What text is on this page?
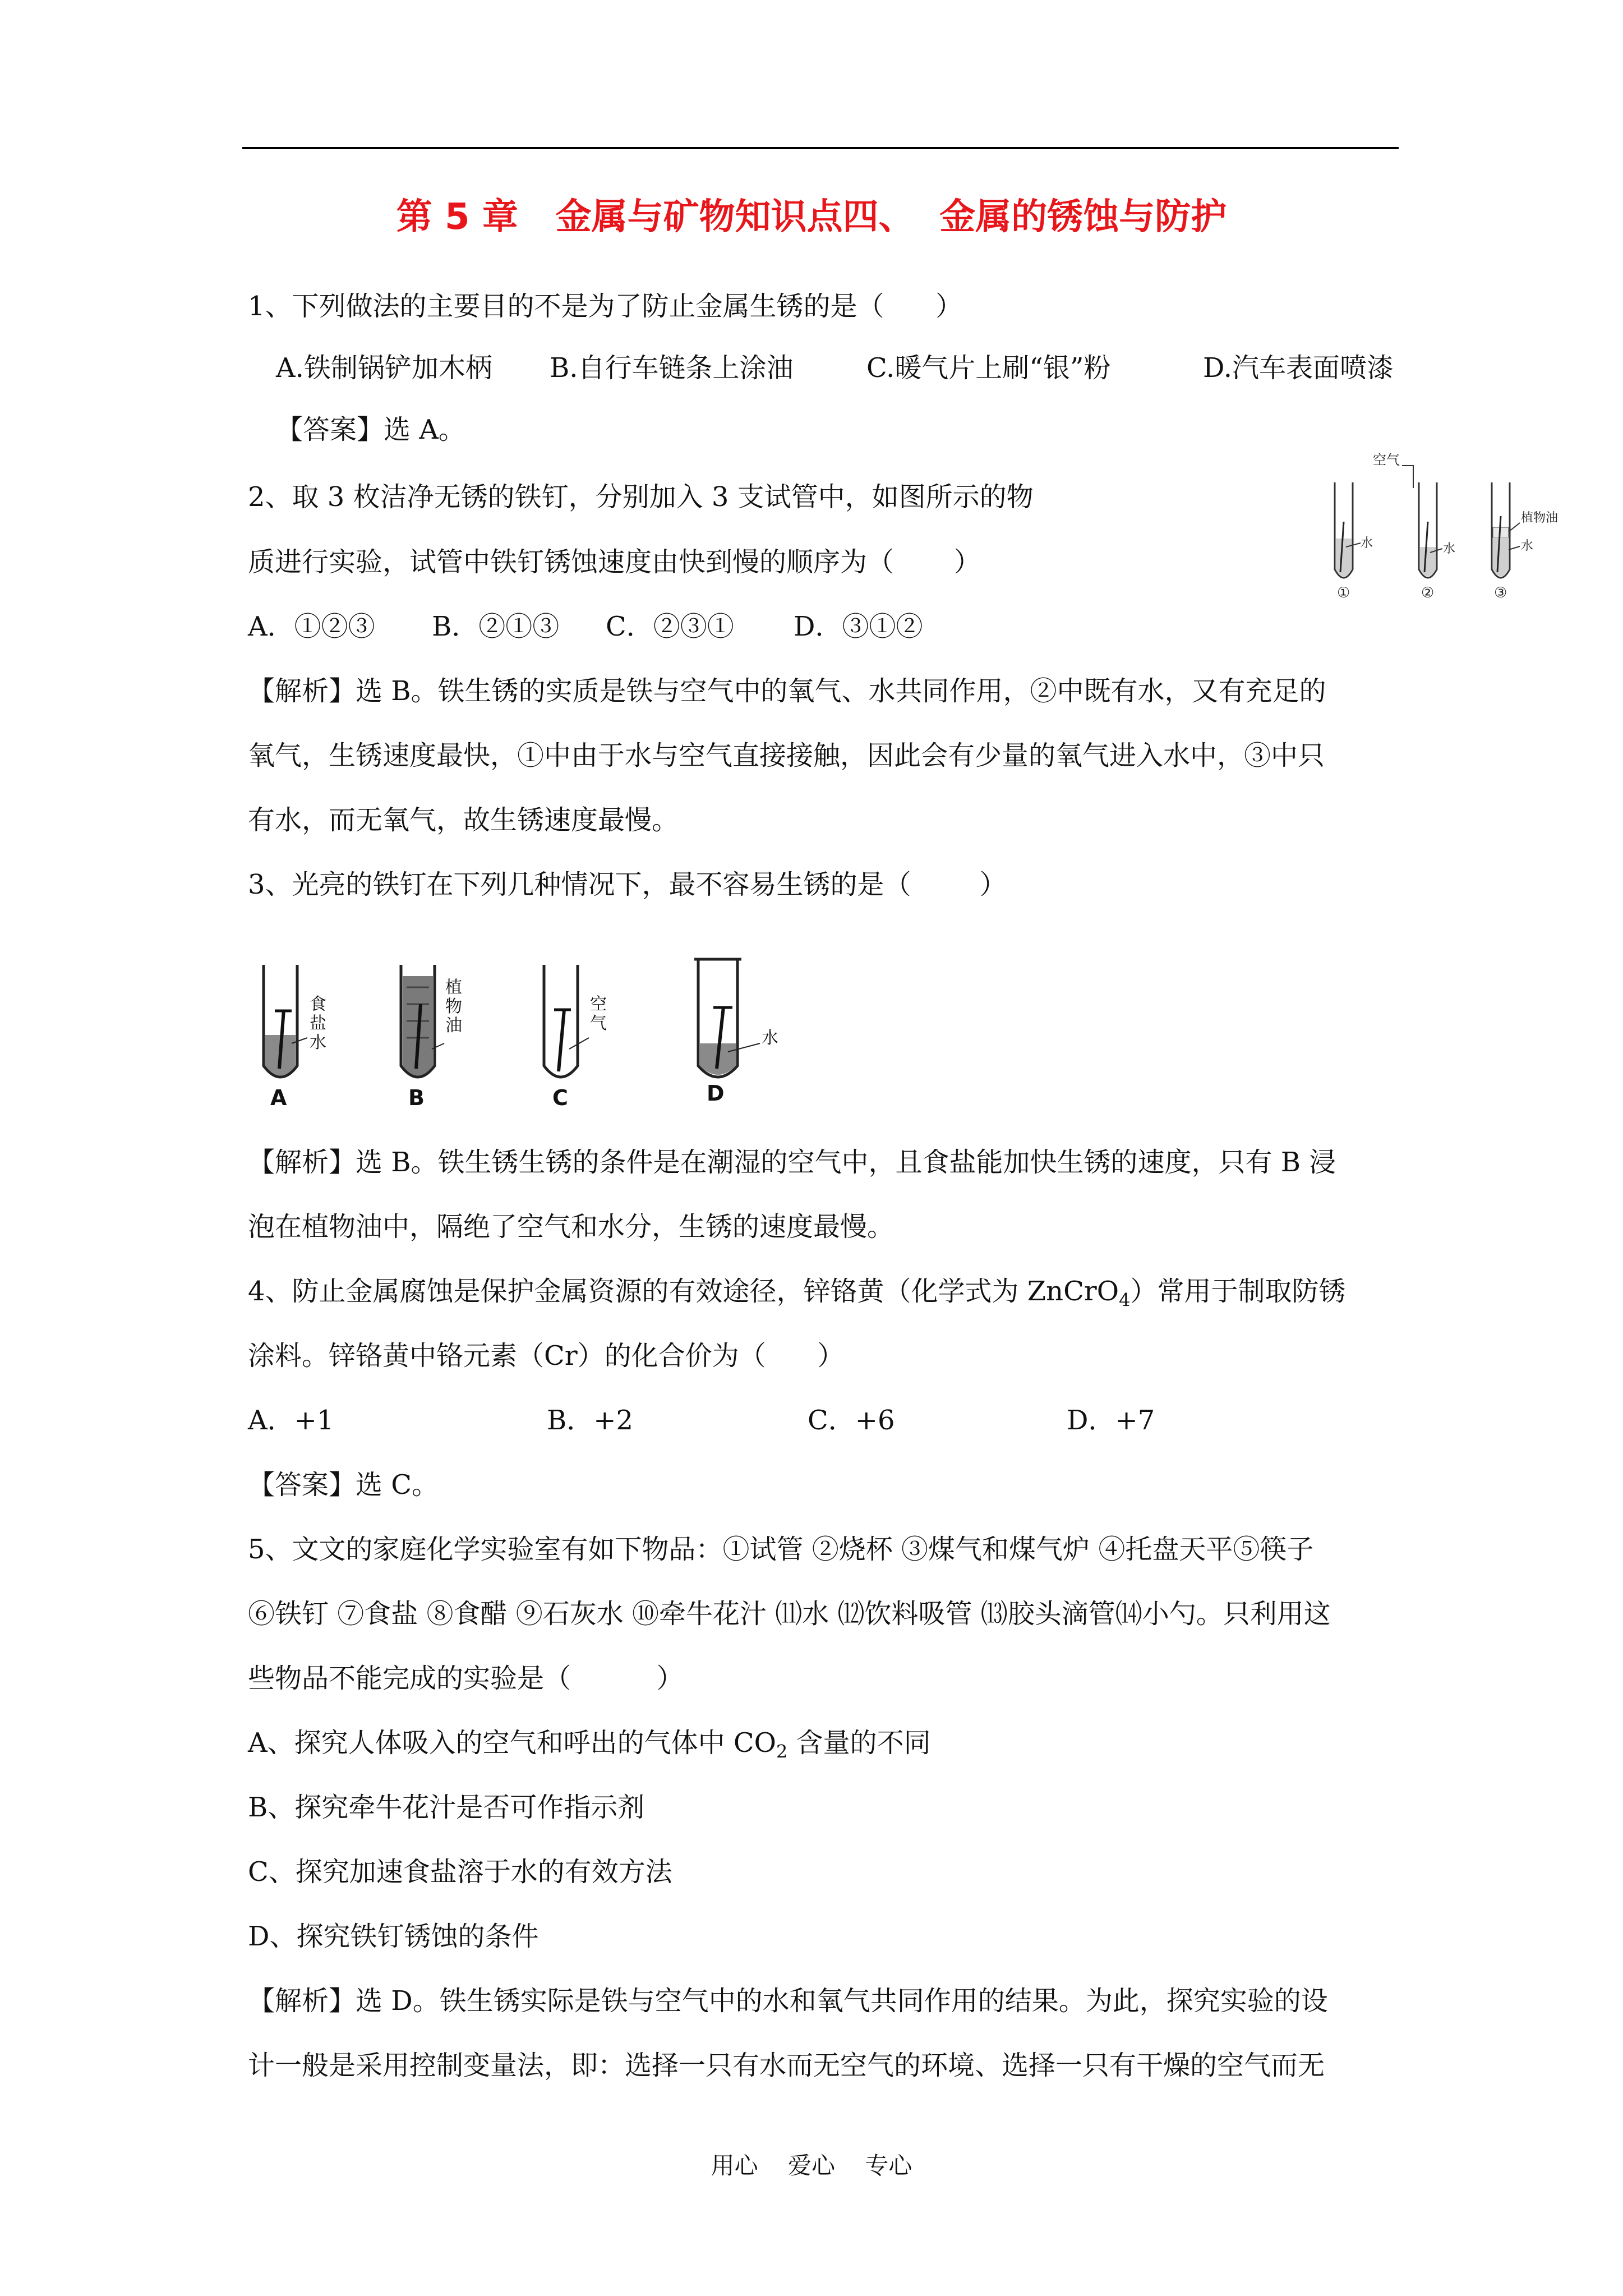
第 5 章   金属与矿物知识点四、  金属的锈蚀与防护
1、下列做法的主要目的不是为了防止金属生锈的是（      ）
A.铁制锅铲加木柄 B.自行车链条上涂油	C.暖气片上刷“银”粉	D.汽车表面喷漆
【答案】选 A。
2、取 3 枚洁净无锈的铁钉，分别加入 3 支试管中，如图所示的物
质进行实验，试管中铁钉锈蚀速度由快到慢的顺序为（       ）
A．①②③ B．②①③ C．②③① D．③①②
【解析】选 B。铁生锈的实质是铁与空气中的氧气、水共同作用，②中既有水，又有充足的
氧气，生锈速度最快，①中由于水与空气直接接触，因此会有少量的氧气进入水中，③中只
有水，而无氧气，故生锈速度最慢。
空气
水
①
水
②
植物油
水
③
3、光亮的铁钉在下列几种情况下，最不容易生锈的是（        ）
食
盐
水
A
植
物
油
B
空
气
C
水
D
【解析】选 B。铁生锈生锈的条件是在潮湿的空气中，且食盐能加快生锈的速度，只有 B 浸
泡在植物油中，隔绝了空气和水分，生锈的速度最慢。
4、防止金属腐蚀是保护金属资源的有效途径，锌铬黄（化学式为 ZnCrO$_4$）常用于制取防锈
涂料。锌铬黄中铬元素（Cr）的化合价为（      ）
A．+1	B．+2	C．+6	D．+7
【答案】选 C。
5、文文的家庭化学实验室有如下物品：①试管 ②烧杯 ③煤气和煤气炉 ④托盘天平⑤筷子
⑥铁钉 ⑦食盐 ⑧食醋 ⑨石灰水 ⑩牵牛花汁 ⑾水 ⑿饮料吸管 ⒀胶头滴管⒁小勺。只利用这
些物品不能完成的实验是（          ）
A、探究人体吸入的空气和呼出的气体中 $CO_2$ 含量的不同
B、探究牵牛花汁是否可作指示剂
C、探究加速食盐溶于水的有效方法
D、探究铁钉锈蚀的条件
【解析】选 D。铁生锈实际是铁与空气中的水和氧气共同作用的结果。为此，探究实验的设
计一般是采用控制变量法，即：选择一只有水而无空气的环境、选择一只有干燥的空气而无
用心    爱心    专心
